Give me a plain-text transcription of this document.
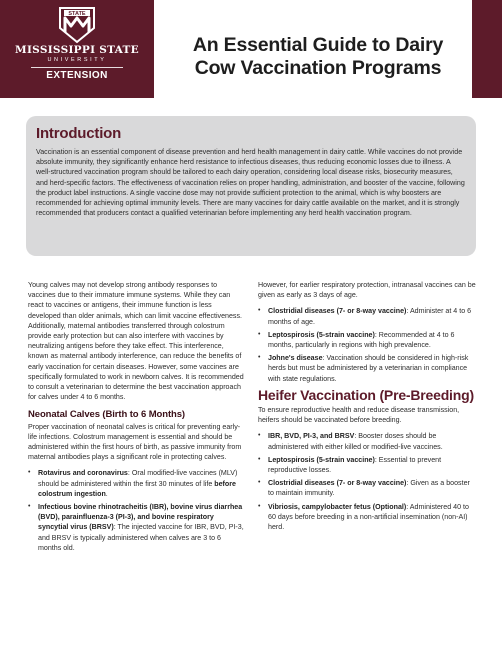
STATE
MISSISSIPPI STATE
UNIVERSITY
EXTENSION
An Essential Guide to Dairy
Cow Vaccination Programs
Introduction
Vaccination is an essential component of disease prevention and herd health management in dairy cattle. While vaccines do not provide absolute immunity, they significantly enhance herd resistance to infectious diseases, thus reducing economic losses due to illness. A well-structured vaccination program should be tailored to each dairy operation, considering local disease risks, biosecurity measures, and herd-specific factors. The effectiveness of vaccination relies on proper handling, administration, and booster of the vaccine, following the product label instructions. A single vaccine dose may not provide sufficient protection to the animal, which is why boosters are recommended for achieving optimal immunity levels. There are many vaccines for dairy cattle available on the market, and it is strongly recommended that producers contact a qualified veterinarian before implementing any herd health vaccination program.
Young calves may not develop strong antibody responses to vaccines due to their immature immune systems. While they can react to vaccines or antigens, their immune function is less developed than older animals, which can limit vaccine effectiveness. Additionally, maternal antibodies transferred through colostrum provide early protection but can also interfere with vaccines by neutralizing antigens before they take effect. This interference, known as maternal antibody interference, can reduce the benefits of early vaccination for certain diseases. However, some vaccines are specifically formulated to work in newborn calves. It is recommended to consult a veterinarian to determine the best vaccination approach for calves under 4 to 6 months.
Neonatal Calves (Birth to 6 Months)
Proper vaccination of neonatal calves is critical for preventing early-life infections. Colostrum management is essential and should be administered within the first hours of birth, as passive immunity from maternal antibodies plays a significant role in protecting calves.
• Rotavirus and coronavirus: Oral modified-live vaccines (MLV) should be administered within the first 30 minutes of life before colostrum ingestion.
• Infectious bovine rhinotracheitis (IBR), bovine virus diarrhea (BVD), parainfluenza-3 (PI-3), and bovine respiratory syncytial virus (BRSV): The injected vaccine for IBR, BVD, PI-3, and BRSV is typically administered when calves are 3 to 6 months old.
However, for earlier respiratory protection, intranasal vaccines can be given as early as 3 days of age.
• Clostridial diseases (7- or 8-way vaccine): Administer at 4 to 6 months of age.
• Leptospirosis (5-strain vaccine): Recommended at 4 to 6 months, particularly in regions with high prevalence.
• Johne's disease: Vaccination should be considered in high-risk herds but must be administered by a veterinarian in compliance with state regulations.
Heifer Vaccination (Pre-Breeding)
To ensure reproductive health and reduce disease transmission, heifers should be vaccinated before breeding.
• IBR, BVD, PI-3, and BRSV: Booster doses should be administered with either killed or modified-live vaccines.
• Leptospirosis (5-strain vaccine): Essential to prevent reproductive losses.
• Clostridial diseases (7- or 8-way vaccine): Given as a booster to maintain immunity.
• Vibriosis, campylobacter fetus (Optional): Administered 40 to 60 days before breeding in a non-artificial insemination (non-AI) herd.
